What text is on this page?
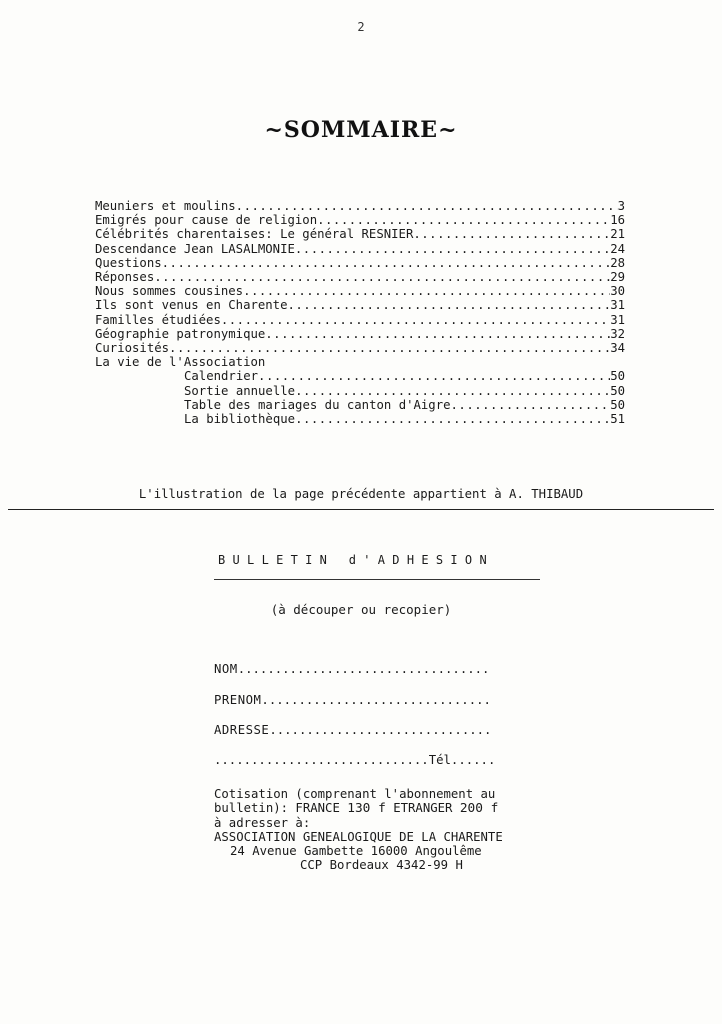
2
~SOMMAIRE~
Meuniers et moulins .....	3
Emigrés pour cause de religion .....	16
Célébrités charentaises: Le général RESNIER .....	21
Descendance Jean LASALMONIE .....	24
Questions .....	28
Réponses .....	29
Nous sommes cousines .....	30
Ils sont venus en Charente .....	31
Familles étudiées .....	31
Géographie patronymique .....	32
Curiosités .....	34
La vie de l'Association
Calendrier .....	50
Sortie annuelle .....	50
Table des mariages du canton d'Aigre .....	50
La bibliothèque .....	51
L'illustration de la page précédente appartient à A. THIBAUD
BULLETIN d'ADHESION
(à découper ou recopier)
NOM..................................
PRENOM...............................
ADRESSE..............................
.............................Tél......
Cotisation (comprenant l'abonnement au
bulletin): FRANCE 130 f ETRANGER 200 f
à adresser à:
ASSOCIATION GENEALOGIQUE DE LA CHARENTE
24 Avenue Gambette 16000 Angoulême
CCP Bordeaux 4342-99 H
